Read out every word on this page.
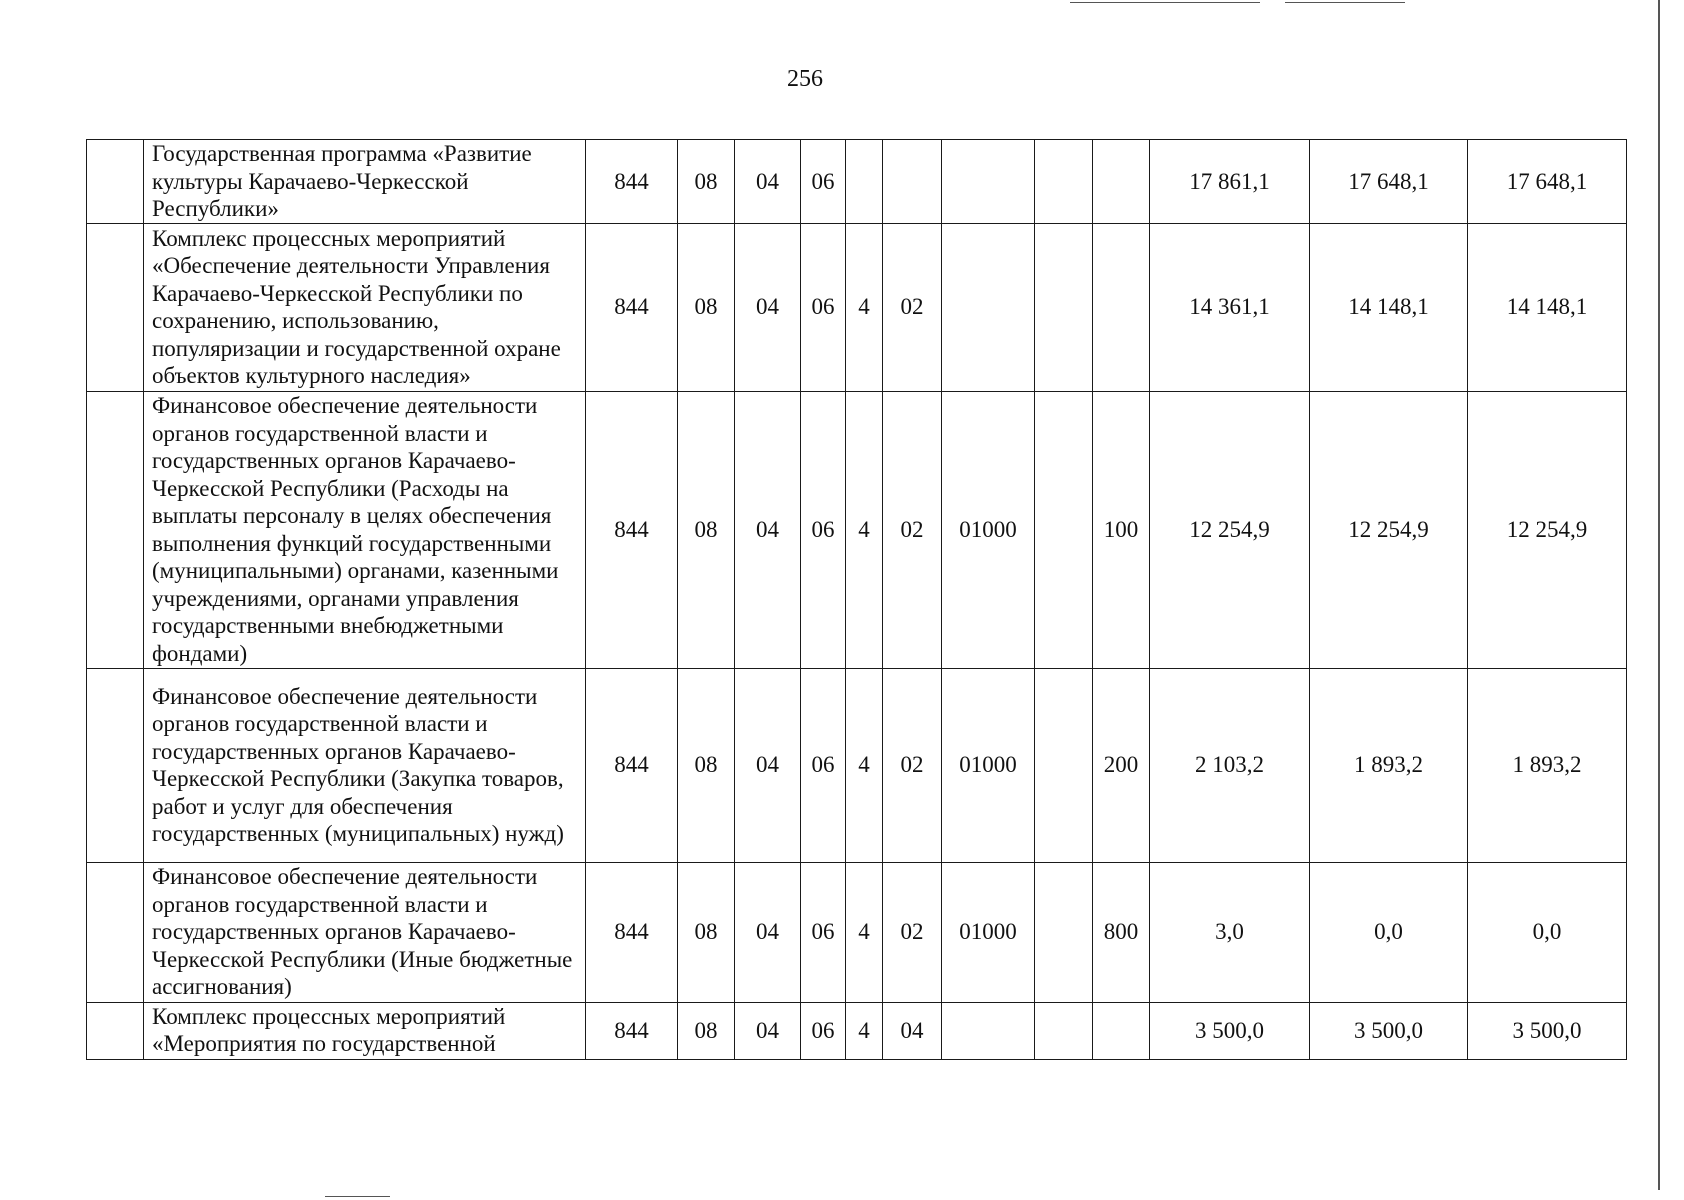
256
	Государственная программа «Развитие культуры Карачаево-Черкесской Республики»	844	08	04	06						17 861,1	17 648,1	17 648,1
	Комплекс процессных мероприятий «Обеспечение деятельности Управления Карачаево-Черкесской Республики по сохранению, использованию, популяризации и государственной охране объектов культурного наследия»	844	08	04	06	4	02				14 361,1	14 148,1	14 148,1
	Финансовое обеспечение деятельности органов государственной власти и государственных органов Карачаево-Черкесской Республики (Расходы на выплаты персоналу в целях обеспечения выполнения функций государственными (муниципальными) органами, казенными учреждениями, органами управления государственными внебюджетными фондами)	844	08	04	06	4	02	01000		100	12 254,9	12 254,9	12 254,9
	Финансовое обеспечение деятельности органов государственной власти и государственных органов Карачаево-Черкесской Республики (Закупка товаров, работ и услуг для обеспечения государственных (муниципальных) нужд)	844	08	04	06	4	02	01000		200	2 103,2	1 893,2	1 893,2
	Финансовое обеспечение деятельности органов государственной власти и государственных органов Карачаево-Черкесской Республики (Иные бюджетные ассигнования)	844	08	04	06	4	02	01000		800	3,0	0,0	0,0
	Комплекс процессных мероприятий «Мероприятия по государственной	844	08	04	06	4	04				3 500,0	3 500,0	3 500,0
